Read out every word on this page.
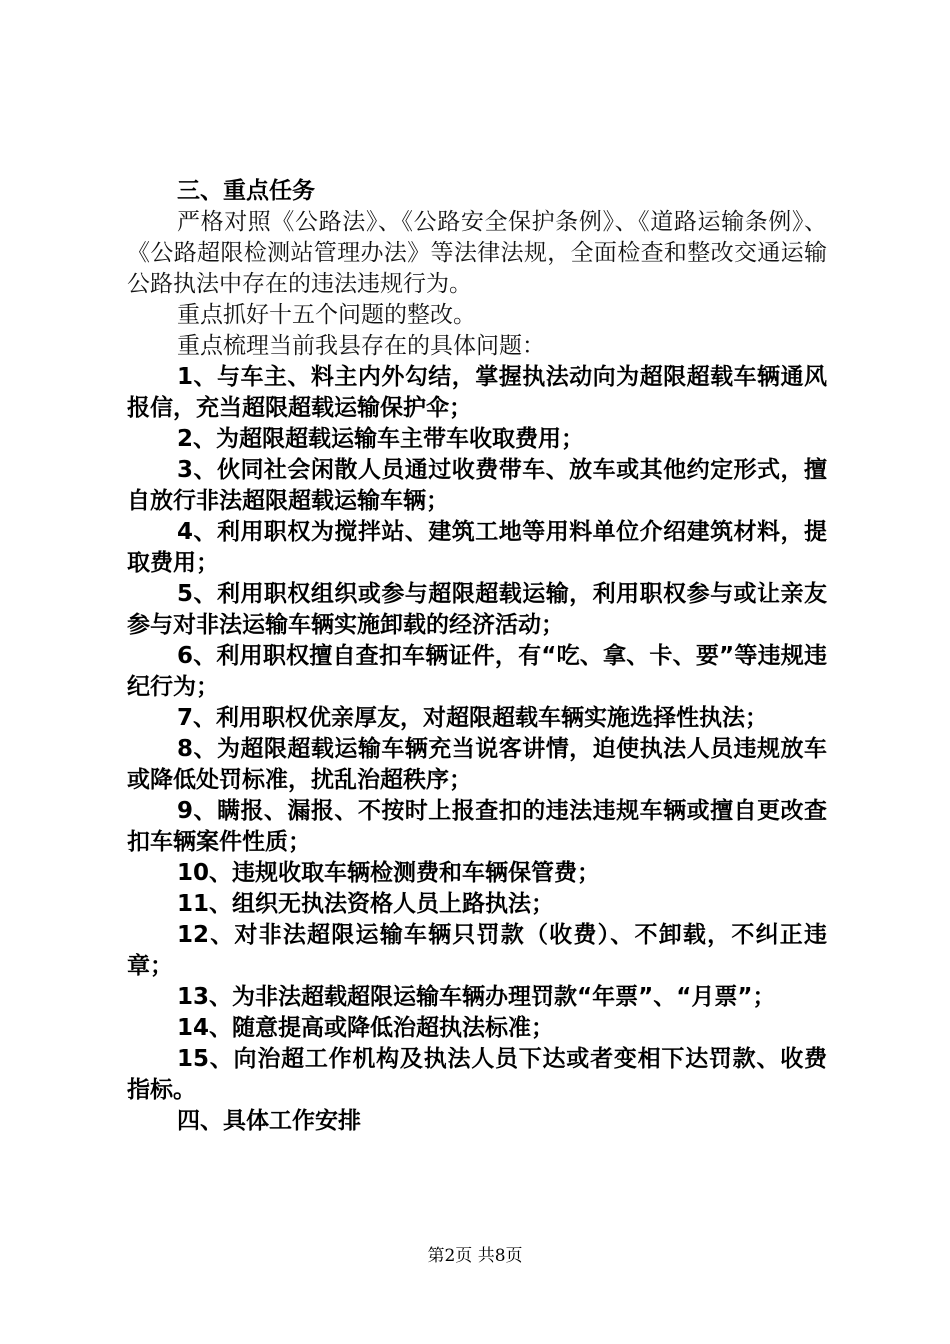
三、重点任务

严格对照《公路法》、《公路安全保护条例》、《道路运输条例》、《公路超限检测站管理办法》等法律法规，全面检查和整改交通运输公路执法中存在的违法违规行为。

重点抓好十五个问题的整改。

重点梳理当前我县存在的具体问题：

1、与车主、料主内外勾结，掌握执法动向为超限超载车辆通风报信，充当超限超载运输保护伞；

2、为超限超载运输车主带车收取费用；

3、伙同社会闲散人员通过收费带车、放车或其他约定形式，擅自放行非法超限超载运输车辆；

4、利用职权为搅拌站、建筑工地等用料单位介绍建筑材料，提取费用；

5、利用职权组织或参与超限超载运输，利用职权参与或让亲友参与对非法运输车辆实施卸载的经济活动；

6、利用职权擅自查扣车辆证件，有“吃、拿、卡、要”等违规违纪行为；

7、利用职权优亲厚友，对超限超载车辆实施选择性执法；

8、为超限超载运输车辆充当说客讲情，迫使执法人员违规放车或降低处罚标准，扰乱治超秩序；

9、瞒报、漏报、不按时上报查扣的违法违规车辆或擅自更改查扣车辆案件性质；

10、违规收取车辆检测费和车辆保管费；

11、组织无执法资格人员上路执法；

12、对非法超限运输车辆只罚款（收费）、不卸载，不纠正违章；

13、为非法超载超限运输车辆办理罚款“年票”、“月票”；

14、随意提高或降低治超执法标准；

15、向治超工作机构及执法人员下达或者变相下达罚款、收费指标。

四、具体工作安排

第2页 共8页
